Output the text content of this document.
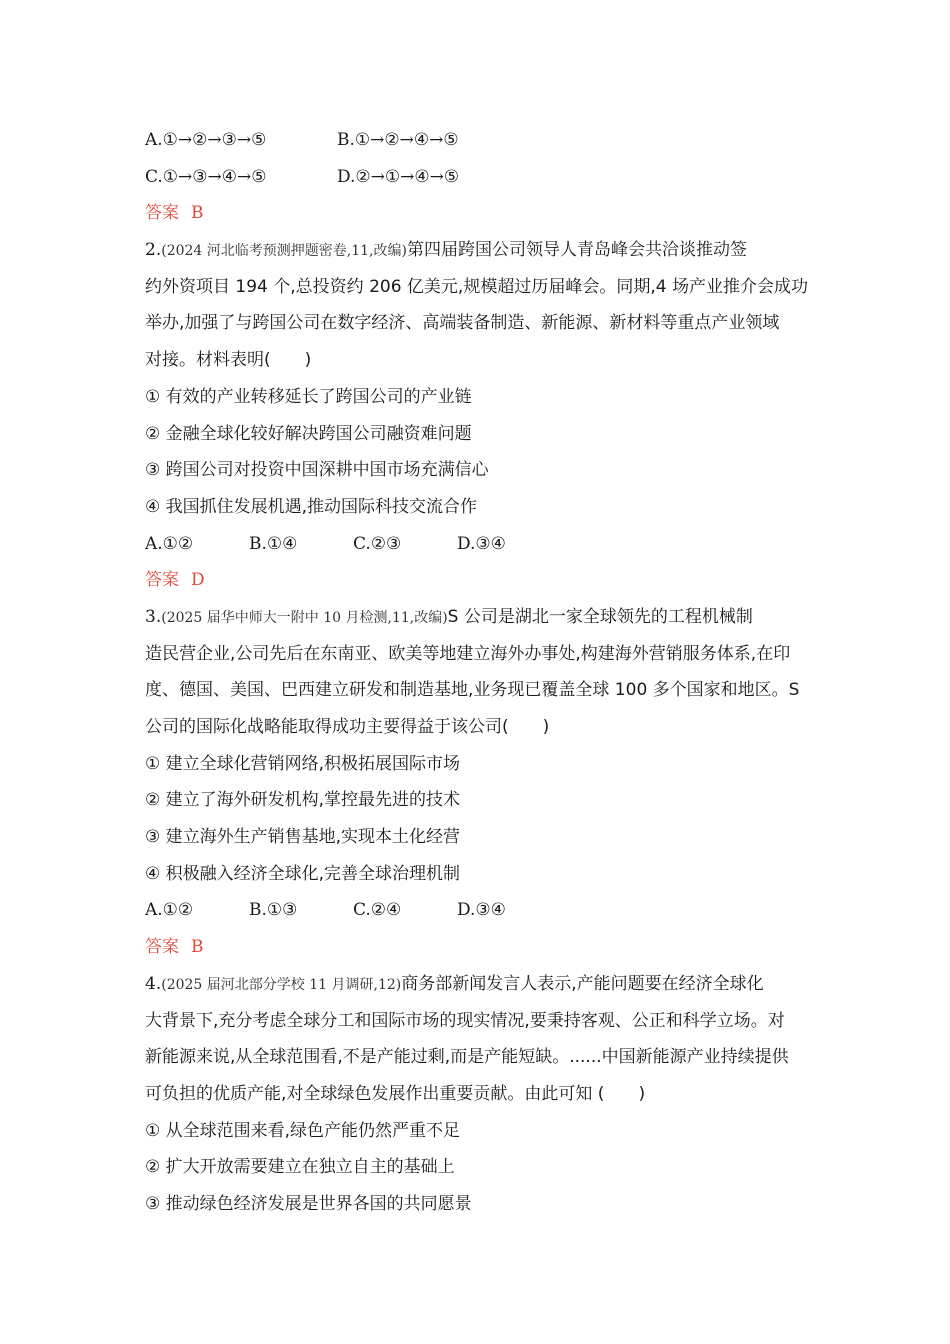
A.①→②→③→⑤	B.①→②→④→⑤
C.①→③→④→⑤	D.②→①→④→⑤
答案 B
2.(2024 河北临考预测押题密卷,11,改编)第四届跨国公司领导人青岛峰会共洽谈推动签
约外资项目 194 个,总投资约 206 亿美元,规模超过历届峰会。同期,4 场产业推介会成功
举办,加强了与跨国公司在数字经济、高端装备制造、新能源、新材料等重点产业领域
对接。材料表明(　　)
① 有效的产业转移延长了跨国公司的产业链
② 金融全球化较好解决跨国公司融资难问题
③ 跨国公司对投资中国深耕中国市场充满信心
④ 我国抓住发展机遇,推动国际科技交流合作
A.①②	B.①④	C.②③	D.③④
答案 D
3.(2025 届华中师大一附中 10 月检测,11,改编)S 公司是湖北一家全球领先的工程机械制
造民营企业,公司先后在东南亚、欧美等地建立海外办事处,构建海外营销服务体系,在印
度、德国、美国、巴西建立研发和制造基地,业务现已覆盖全球 100 多个国家和地区。S
公司的国际化战略能取得成功主要得益于该公司(　　)
① 建立全球化营销网络,积极拓展国际市场
② 建立了海外研发机构,掌控最先进的技术
③ 建立海外生产销售基地,实现本土化经营
④ 积极融入经济全球化,完善全球治理机制
A.①②	B.①③	C.②④	D.③④
答案 B
4.(2025 届河北部分学校 11 月调研,12)商务部新闻发言人表示,产能问题要在经济全球化
大背景下,充分考虑全球分工和国际市场的现实情况,要秉持客观、公正和科学立场。对
新能源来说,从全球范围看,不是产能过剩,而是产能短缺。......中国新能源产业持续提供
可负担的优质产能,对全球绿色发展作出重要贡献。由此可知 (　　)
① 从全球范围来看,绿色产能仍然严重不足
② 扩大开放需要建立在独立自主的基础上
③ 推动绿色经济发展是世界各国的共同愿景
